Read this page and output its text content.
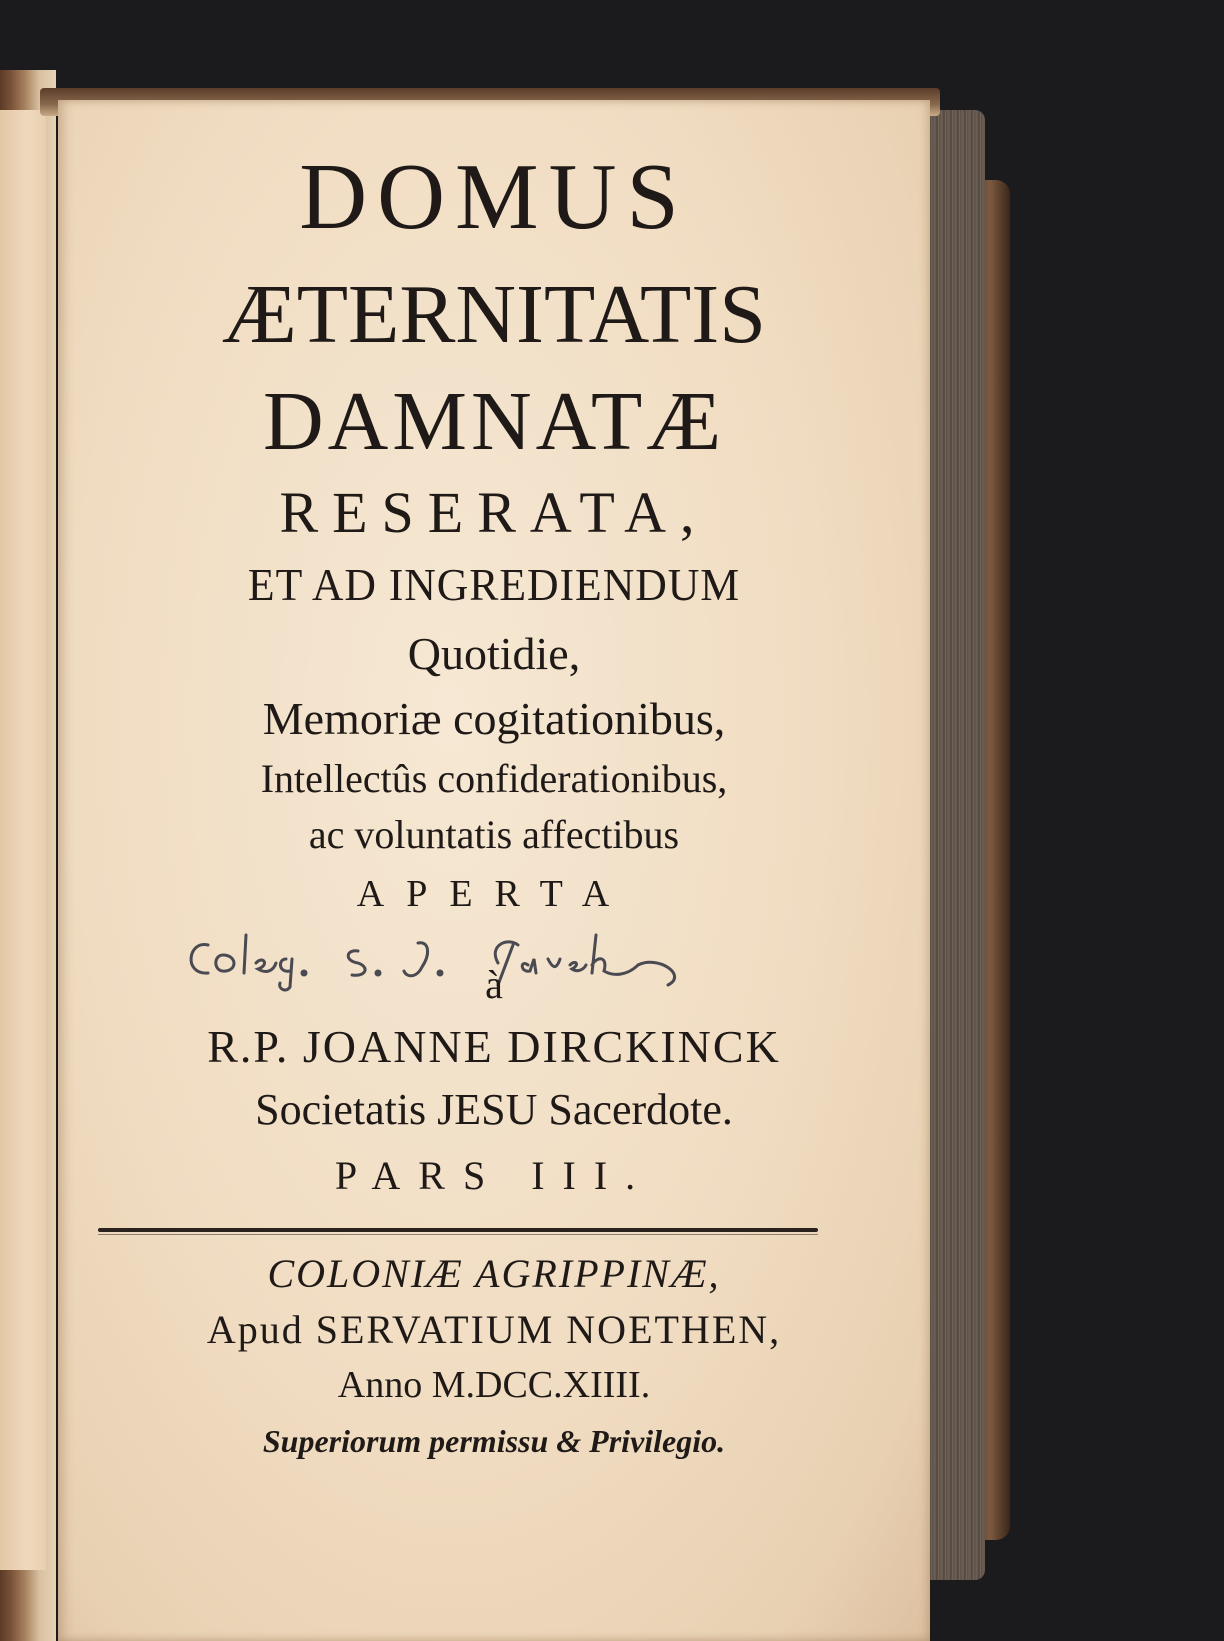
DOMUS

ÆTERNITATIS

DAMNATÆ

RESERATA,

ET AD INGREDIENDUM

Quotidie,

Memoriæ cogitationibus,

Intellectûs confiderationibus,

ac voluntatis affectibus

APERTA

à

R.P. JOANNE DIRCKINCK

Societatis JESU Sacerdote.

PARS III.

COLONIÆ AGRIPPINÆ,

Apud SERVATIUM NOETHEN,

Anno M.DCC.XIIII.

Superiorum permissu & Privilegio.
